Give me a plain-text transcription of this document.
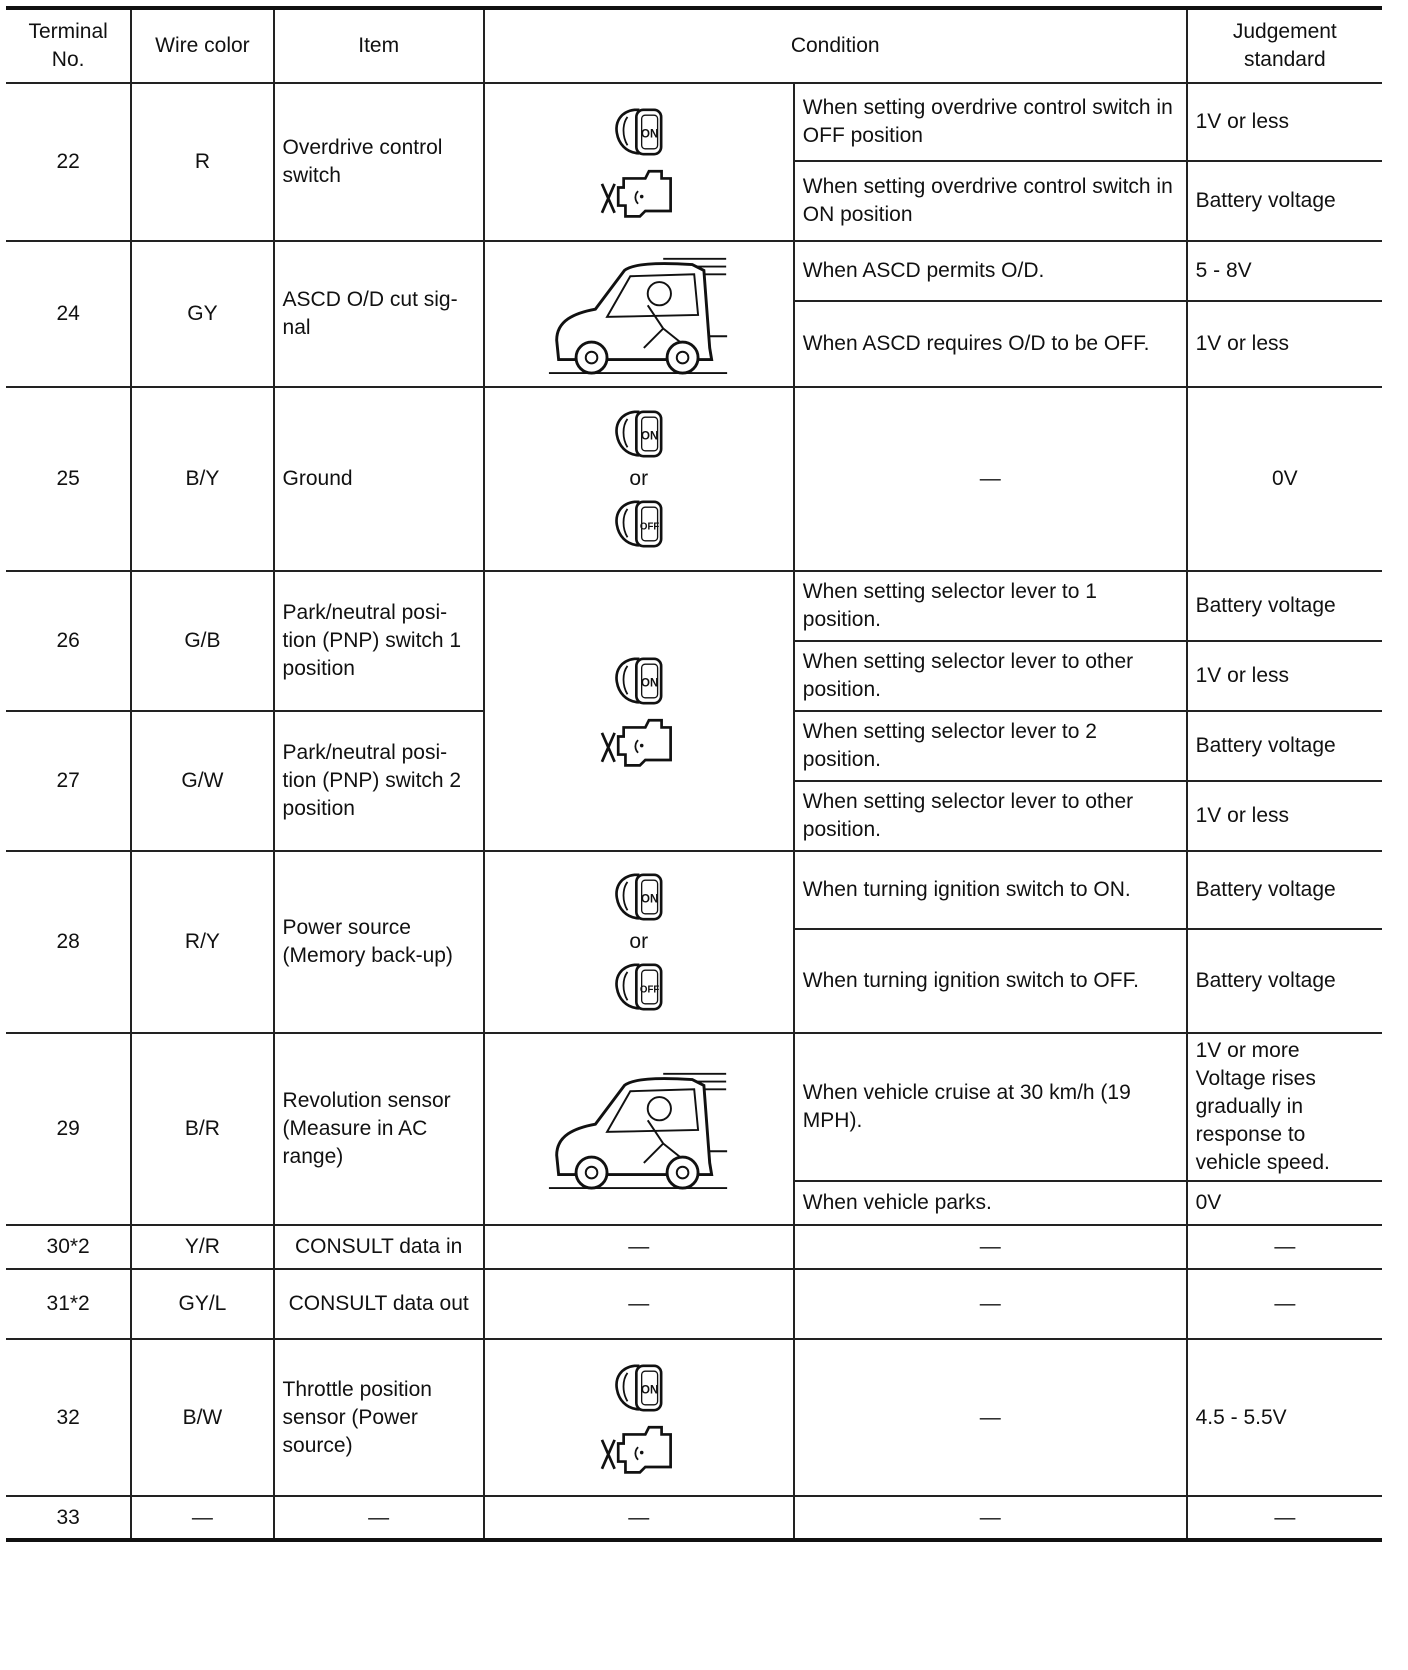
Terminal No.	Wire color	Item	Condition		Judgement standard
22	R	Overdrive control switch		When setting overdrive control switch in OFF position	1V or less
				When setting overdrive control switch in ON position	Battery voltage
24	GY	ASCD O/D cut sig-nal		When ASCD permits O/D.	5 - 8V
				When ASCD requires O/D to be OFF.	1V or less
25	B/Y	Ground	or	—	0V
26	G/B	Park/neutral posi-tion (PNP) switch 1 position		When setting selector lever to 1 position.	Battery voltage
				When setting selector lever to other position.	1V or less
27	G/W	Park/neutral posi-tion (PNP) switch 2 position		When setting selector lever to 2 position.	Battery voltage
				When setting selector lever to other position.	1V or less
28	R/Y	Power source (Memory back-up)	or	When turning ignition switch to ON.	Battery voltage
				When turning ignition switch to OFF.	Battery voltage
29	B/R	Revolution sensor (Measure in AC range)		When vehicle cruise at 30 km/h (19 MPH).	1V or more Voltage rises gradually in response to vehicle speed.
				When vehicle parks.	0V
30*2	Y/R	CONSULT data in	—	—	—
31*2	GY/L	CONSULT data out	—	—	—
32	B/W	Throttle position sensor (Power source)		—	4.5 - 5.5V
33	—	—	—	—	—
